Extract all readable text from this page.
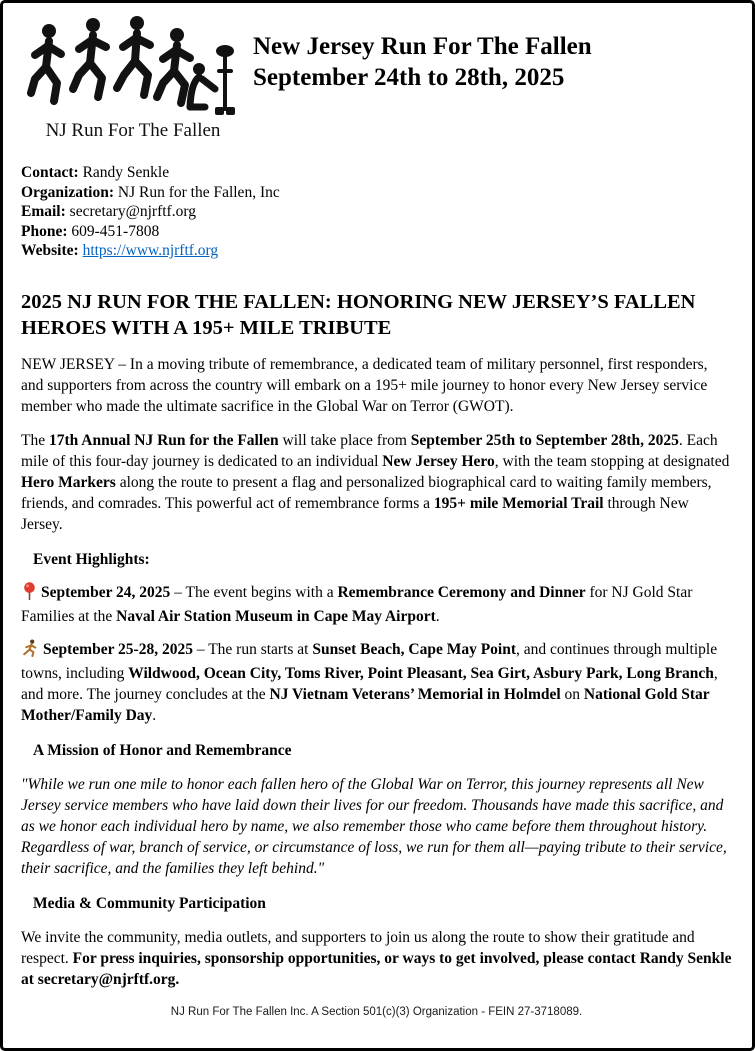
NJ Run For The Fallen
New Jersey Run For The Fallen
September 24th to 28th, 2025
Contact: Randy Senkle
Organization: NJ Run for the Fallen, Inc
Email: secretary@njrftf.org
Phone: 609-451-7808
Website: https://www.njrftf.org
2025 NJ RUN FOR THE FALLEN: HONORING NEW JERSEY’S FALLEN HEROES WITH A 195+ MILE TRIBUTE

NEW JERSEY – In a moving tribute of remembrance, a dedicated team of military personnel, first responders, and supporters from across the country will embark on a 195+ mile journey to honor every New Jersey service member who made the ultimate sacrifice in the Global War on Terror (GWOT).

The 17th Annual NJ Run for the Fallen will take place from September 25th to September 28th, 2025. Each mile of this four-day journey is dedicated to an individual New Jersey Hero, with the team stopping at designated Hero Markers along the route to present a flag and personalized biographical card to waiting family members, friends, and comrades. This powerful act of remembrance forms a 195+ mile Memorial Trail through New Jersey.

Event Highlights:
September 24, 2025 – The event begins with a Remembrance Ceremony and Dinner for NJ Gold Star Families at the Naval Air Station Museum in Cape May Airport.
September 25-28, 2025 – The run starts at Sunset Beach, Cape May Point, and continues through multiple towns, including Wildwood, Ocean City, Toms River, Point Pleasant, Sea Girt, Asbury Park, Long Branch, and more. The journey concludes at the NJ Vietnam Veterans’ Memorial in Holmdel on National Gold Star Mother/Family Day.
A Mission of Honor and Remembrance

"While we run one mile to honor each fallen hero of the Global War on Terror, this journey represents all New Jersey service members who have laid down their lives for our freedom. Thousands have made this sacrifice, and as we honor each individual hero by name, we also remember those who came before them throughout history. Regardless of war, branch of service, or circumstance of loss, we run for them all—paying tribute to their service, their sacrifice, and the families they left behind."

Media & Community Participation

We invite the community, media outlets, and supporters to join us along the route to show their gratitude and respect. For press inquiries, sponsorship opportunities, or ways to get involved, please contact Randy Senkle at secretary@njrftf.org.

NJ Run For The Fallen Inc. A Section 501(c)(3) Organization - FEIN 27-3718089.
